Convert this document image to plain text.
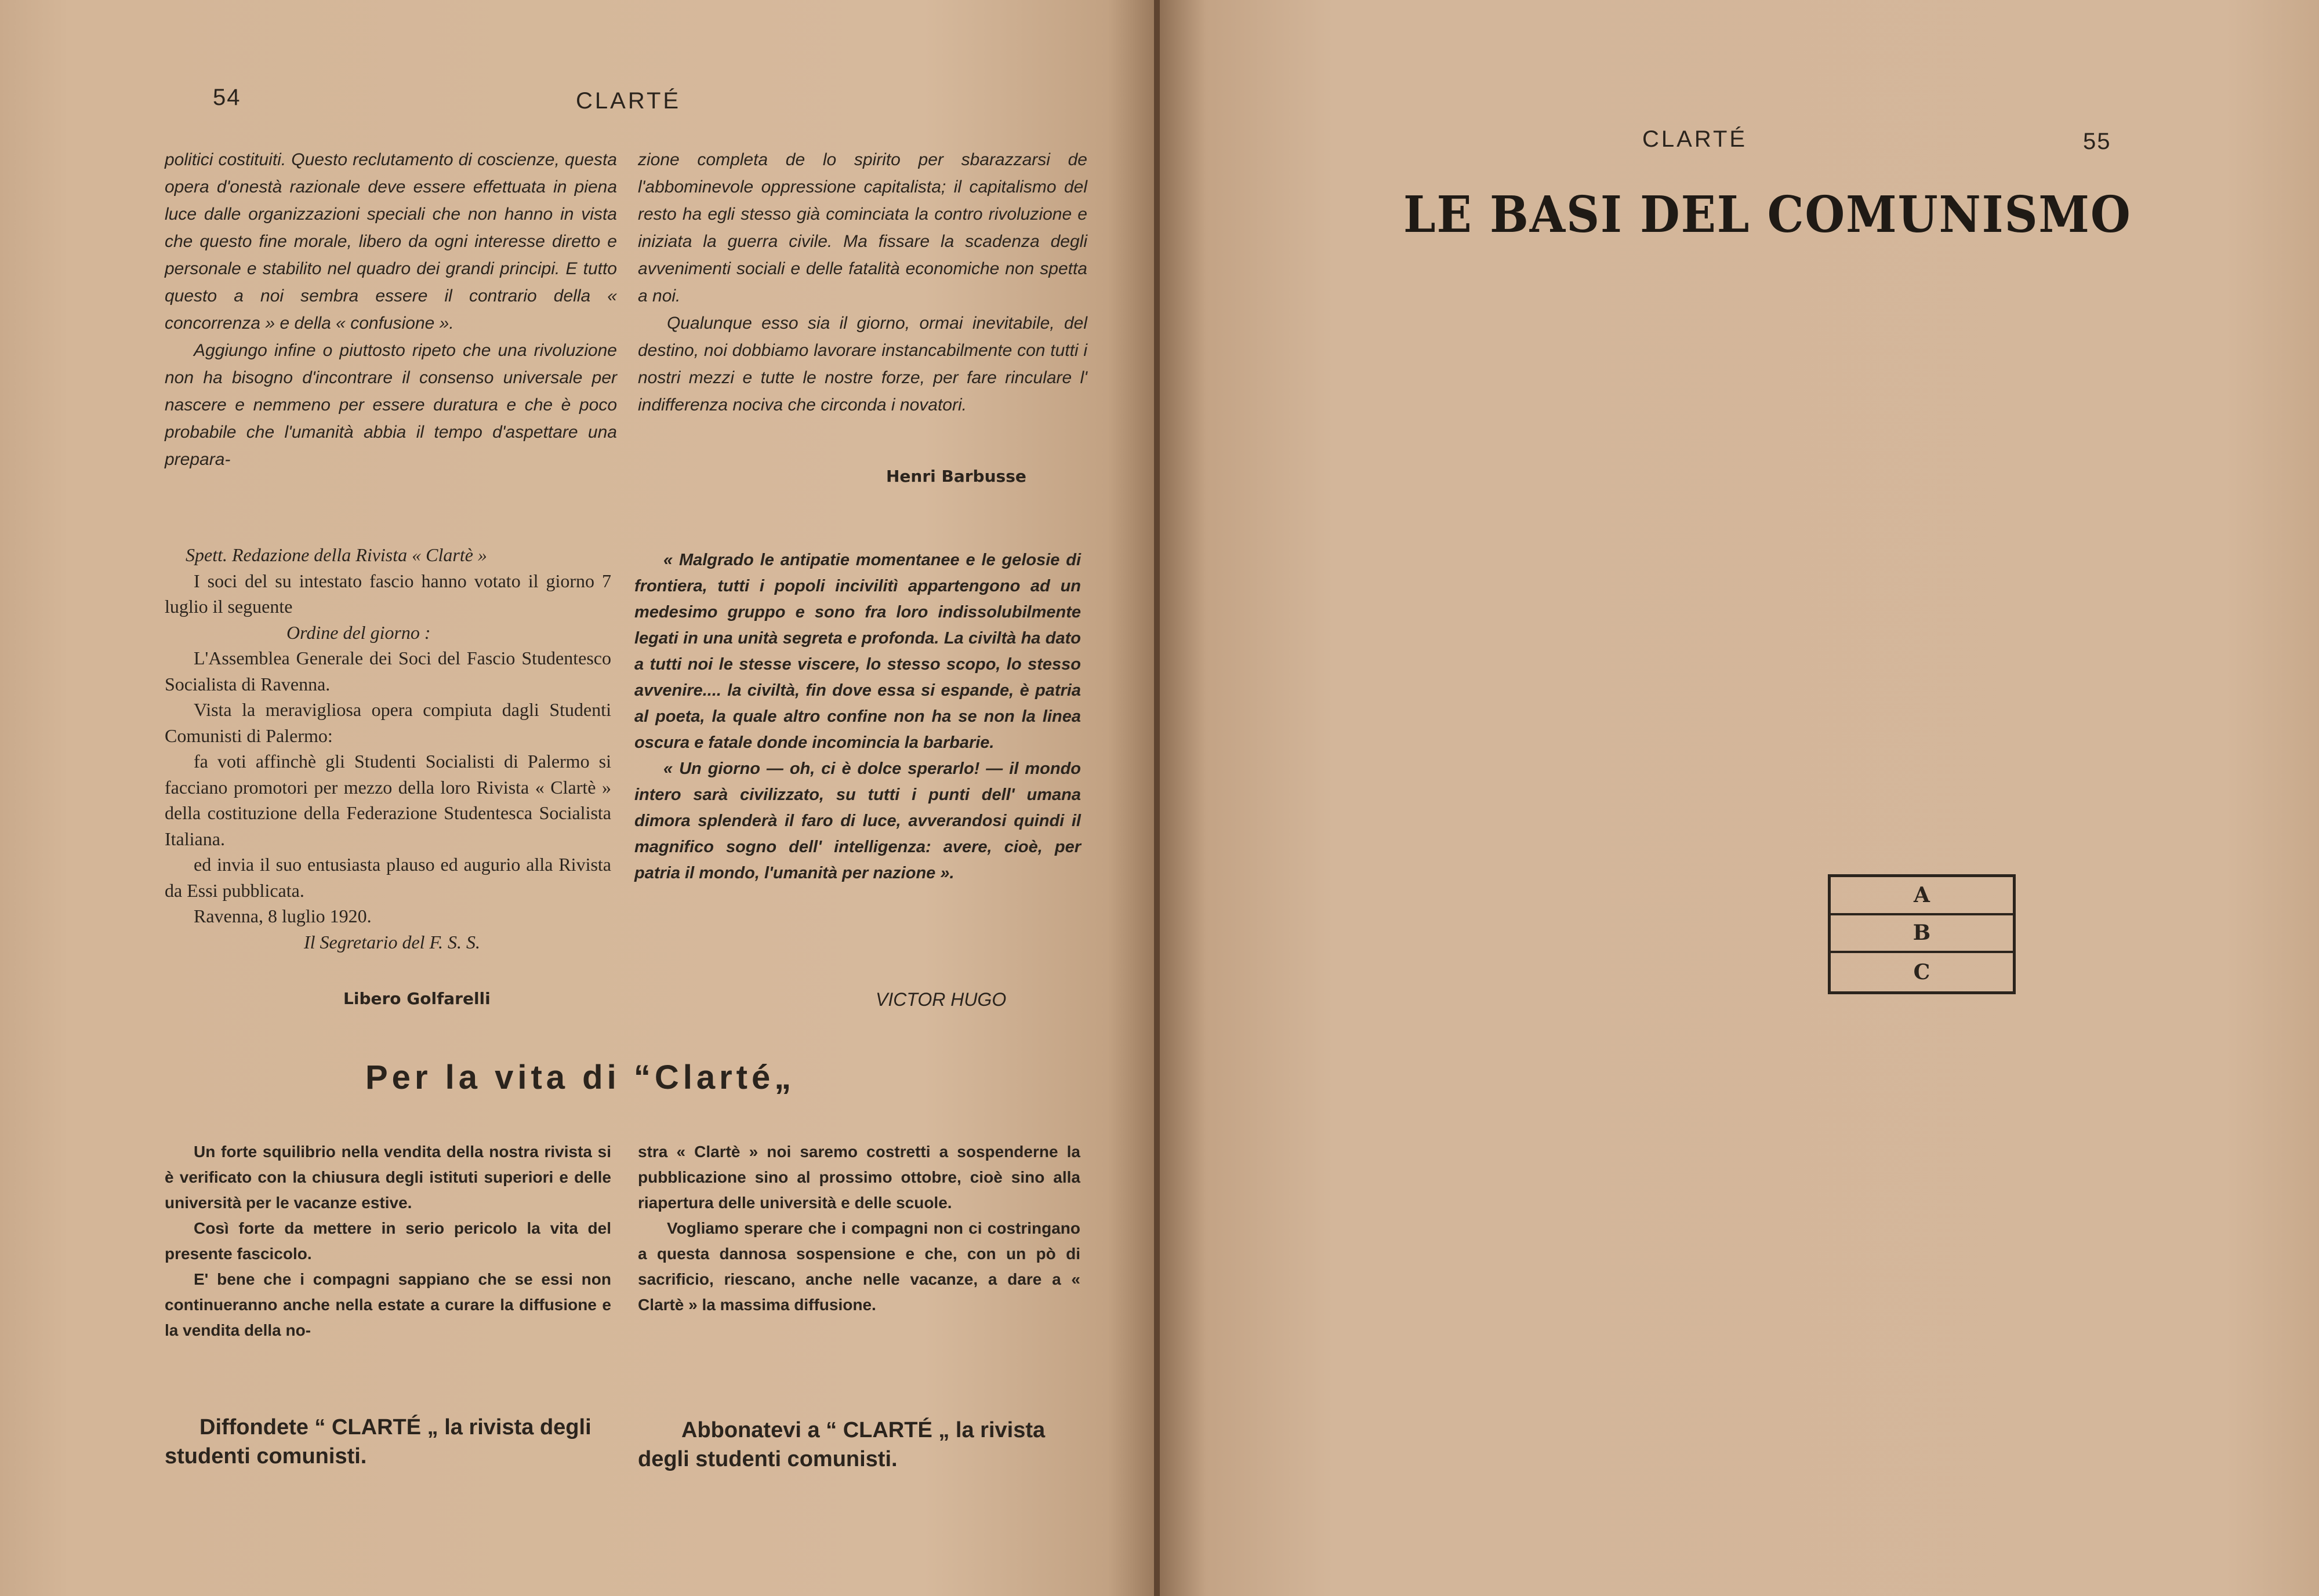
54	CLARTÉ

politici costituiti. Questo reclutamento di coscienze, questa opera d'onestà razionale deve essere effettuata in piena luce dalle organizzazioni speciali che non hanno in vista che questo fine morale, libero da ogni interesse diretto e personale e stabilito nel quadro dei grandi principi. E tutto questo a noi sembra essere il contrario della « concorrenza » e della « confusione ».

Aggiungo infine o piuttosto ripeto che una rivoluzione non ha bisogno d'incontrare il consenso universale per nascere e nemmeno per essere duratura e che è poco probabile che l'umanità abbia il tempo d'aspettare una prepara-

zione completa de lo spirito per sbarazzarsi de l'abbominevole oppressione capitalista; il capitalismo del resto ha egli stesso già cominciata la contro rivoluzione e iniziata la guerra civile. Ma fissare la scadenza degli avvenimenti sociali e delle fatalità economiche non spetta a noi.

Qualunque esso sia il giorno, ormai inevitabile, del destino, noi dobbiamo lavorare instancabilmente con tutti i nostri mezzi e tutte le nostre forze, per fare rinculare l' indifferenza nociva che circonda i novatori.

Henri Barbusse

Spett. Redazione della Rivista « Clartè »

I soci del su intestato fascio hanno votato il giorno 7 luglio il seguente

Ordine del giorno :

L'Assemblea Generale dei Soci del Fascio Studentesco Socialista di Ravenna.

Vista la meravigliosa opera compiuta dagli Studenti Comunisti di Palermo:

fa voti affinchè gli Studenti Socialisti di Palermo si facciano promotori per mezzo della loro Rivista « Clartè » della costituzione della Federazione Studentesca Socialista Italiana.

ed invia il suo entusiasta plauso ed augurio alla Rivista da Essi pubblicata.

Ravenna, 8 luglio 1920.

Il Segretario del F. S. S.

Libero Golfarelli

« Malgrado le antipatie momentanee e le gelosie di frontiera, tutti i popoli incivilitì appartengono ad un medesimo gruppo e sono fra loro indissolubilmente legati in una unità segreta e profonda. La civiltà ha dato a tutti noi le stesse viscere, lo stesso scopo, lo stesso avvenire.... la civiltà, fin dove essa si espande, è patria al poeta, la quale altro confine non ha se non la linea oscura e fatale donde incomincia la barbarie.

« Un giorno — oh, ci è dolce sperarlo! — il mondo intero sarà civilizzato, su tutti i punti dell' umana dimora splenderà il faro di luce, avverandosi quindi il magnifico sogno dell' intelligenza: avere, cioè, per patria il mondo, l'umanità per nazione ».

VICTOR HUGO
Per la vita di “Clarté„

Un forte squilibrio nella vendita della nostra rivista si è verificato con la chiusura degli istituti superiori e delle università per le vacanze estive.

Così forte da mettere in serio pericolo la vita del presente fascicolo.

E' bene che i compagni sappiano che se essi non continueranno anche nella estate a curare la diffusione e la vendita della no-

stra « Clartè » noi saremo costretti a sospenderne la pubblicazione sino al prossimo ottobre, cioè sino alla riapertura delle università e delle scuole.

Vogliamo sperare che i compagni non ci costringano a questa dannosa sospensione e che, con un pò di sacrificio, riescano, anche nelle vacanze, a dare a « Clartè » la massima diffusione.

Diffondete “ CLARTÉ „ la rivista degli studenti comunisti.
Abbonatevi a “ CLARTÉ „ la rivista degli studenti comunisti.
CLARTÉ	55
LE BASI DEL COMUNISMO
A
B
C
